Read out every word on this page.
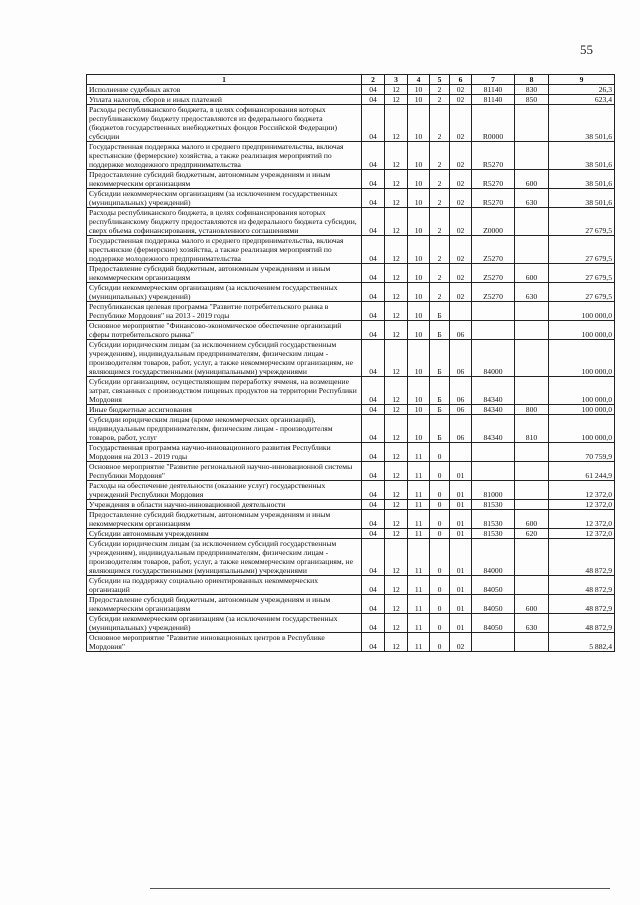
55
1	2	3	4	5	6	7	8	9
Исполнение судебных актов	04	12	10	2	02	81140	830	26,3
Уплата налогов, сборов и иных платежей	04	12	10	2	02	81140	850	623,4
Расходы республиканского бюджета, в целях софинансирования которых республиканскому бюджету предоставляются из федерального бюджета (бюджетов государственных внебюджетных фондов Российской Федерации) субсидии	04	12	10	2	02	R0000		38 501,6
Государственная поддержка малого и среднего предпринимательства, включая крестьянские (фермерские) хозяйства, а также реализация мероприятий по поддержке молодежного предпринимательства	04	12	10	2	02	R5270		38 501,6
Предоставление субсидий бюджетным, автономным учреждениям и иным некоммерческим организациям	04	12	10	2	02	R5270	600	38 501,6
Субсидии некоммерческим организациям (за исключением государственных (муниципальных) учреждений)	04	12	10	2	02	R5270	630	38 501,6
Расходы республиканского бюджета, в целях софинансирования которых республиканскому бюджету предоставляются из федерального бюджета субсидии, сверх объема софинансирования, установленного соглашениями	04	12	10	2	02	Z0000		27 679,5
Государственная поддержка малого и среднего предпринимательства, включая крестьянские (фермерские) хозяйства, а также реализация мероприятий по поддержке молодежного предпринимательства	04	12	10	2	02	Z5270		27 679,5
Предоставление субсидий бюджетным, автономным учреждениям и иным некоммерческим организациям	04	12	10	2	02	Z5270	600	27 679,5
Субсидии некоммерческим организациям (за исключением государственных (муниципальных) учреждений)	04	12	10	2	02	Z5270	630	27 679,5
Республиканская целевая программа "Развитие потребительского рынка в Республике Мордовия" на 2013 - 2019 годы	04	12	10	Б				100 000,0
Основное мероприятие "Финансово-экономическое обеспечение организаций сферы потребительского рынка"	04	12	10	Б	06			100 000,0
Субсидии юридическим лицам (за исключением субсидий государственным учреждениям), индивидуальным предпринимателям, физическим лицам - производителям товаров, работ, услуг, а также некоммерческим организациям, не являющимся государственными (муниципальными) учреждениями	04	12	10	Б	06	84000		100 000,0
Субсидии организациям, осуществляющим переработку ячменя, на возмещение затрат, связанных с производством пищевых продуктов на территории Республики Мордовия	04	12	10	Б	06	84340		100 000,0
Иные бюджетные ассигнования	04	12	10	Б	06	84340	800	100 000,0
Субсидии юридическим лицам (кроме некоммерческих организаций), индивидуальным предпринимателям, физическим лицам - производителям товаров, работ, услуг	04	12	10	Б	06	84340	810	100 000,0
Государственная программа научно-инновационного развития Республики Мордовия на 2013 - 2019 годы	04	12	11	0				70 759,9
Основное мероприятие "Развитие региональной научно-инновационной системы Республики Мордовия"	04	12	11	0	01			61 244,9
Расходы на обеспечение деятельности (оказание услуг) государственных учреждений Республики Мордовия	04	12	11	0	01	81000		12 372,0
Учреждения в области научно-инновационной деятельности	04	12	11	0	01	81530		12 372,0
Предоставление субсидий бюджетным, автономным учреждениям и иным некоммерческим организациям	04	12	11	0	01	81530	600	12 372,0
Субсидии автономным учреждениям	04	12	11	0	01	81530	620	12 372,0
Субсидии юридическим лицам (за исключением субсидий государственным учреждениям), индивидуальным предпринимателям, физическим лицам - производителям товаров, работ, услуг, а также некоммерческим организациям, не являющимся государственными (муниципальными) учреждениями	04	12	11	0	01	84000		48 872,9
Субсидии на поддержку социально ориентированных некоммерческих организаций	04	12	11	0	01	84050		48 872,9
Предоставление субсидий бюджетным, автономным учреждениям и иным некоммерческим организациям	04	12	11	0	01	84050	600	48 872,9
Субсидии некоммерческим организациям (за исключением государственных (муниципальных) учреждений)	04	12	11	0	01	84050	630	48 872,9
Основное мероприятие "Развитие инновационных центров в Республике Мордовия"	04	12	11	0	02			5 882,4
